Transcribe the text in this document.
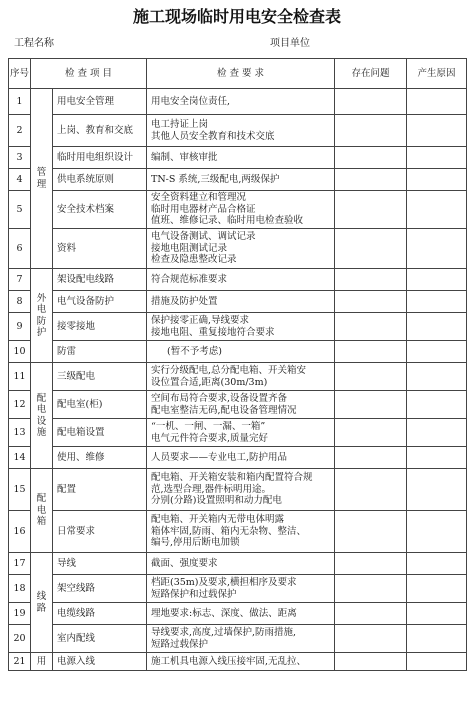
施工现场临时用电安全检查表
工程名称	项目单位
序号	检 查 项 目		检 查 要 求	存在问题	产生原因
1	管理	用电安全管理	用电安全岗位责任,		

2		上岗、教育和交底	电工持证上岗
其他人员安全教育和技术交底		

3		临时用电组织设计	编制、审核审批		

4		供电系统原则	TN-S 系统,三级配电,两级保护		

5		安全技术档案	安全资料建立和管理况
临时用电器材产品合格证
值班、维修记录、临时用电检查验收		

6		资料	电气设备测试、调试记录
接地电阻测试记录
检查及隐患整改记录		

7	外电防护	架设配电线路	符合规范标准要求		

8		电气设备防护	措施及防护处置		

9		接零接地	保护接零正确,导线要求
接地电阻、重复接地符合要求		

10		防雷	(暂不予考虑)		

11	配电设施	三级配电	实行分级配电,总分配电箱、开关箱安
设位置合适,距离(30m/3m)		

12		配电室(柜)	空间布局符合要求,设备设置齐备
配电室整洁无码,配电设备管理情况		

13		配电箱设置	“一机、一闸、一漏、一箱”
电气元件符合要求,质量完好		

14		使用、维修	人员要求——专业电工,防护用品		

15	配电箱	配置	配电箱、开关箱安装和箱内配置符合规
范,选型合理,器件标明用途。
分别(分路)设置照明和动力配电		

16		日常要求	配电箱、开关箱内无带电体明露
箱体牢固,防雨、箱内无杂物、整洁、
编号,停用后断电加锁		

17	线路	导线	截面、强度要求		

18		架空线路	档距(35m)及要求,横担相序及要求
短路保护和过载保护		

19		电缆线路	埋地要求:标志、深度、做法、距离		

20		室内配线	导线要求,高度,过墙保护,防雨措施,
短路过载保护		

21	用	电源入线	施工机具电源入线压接牢固,无乱拉、		
